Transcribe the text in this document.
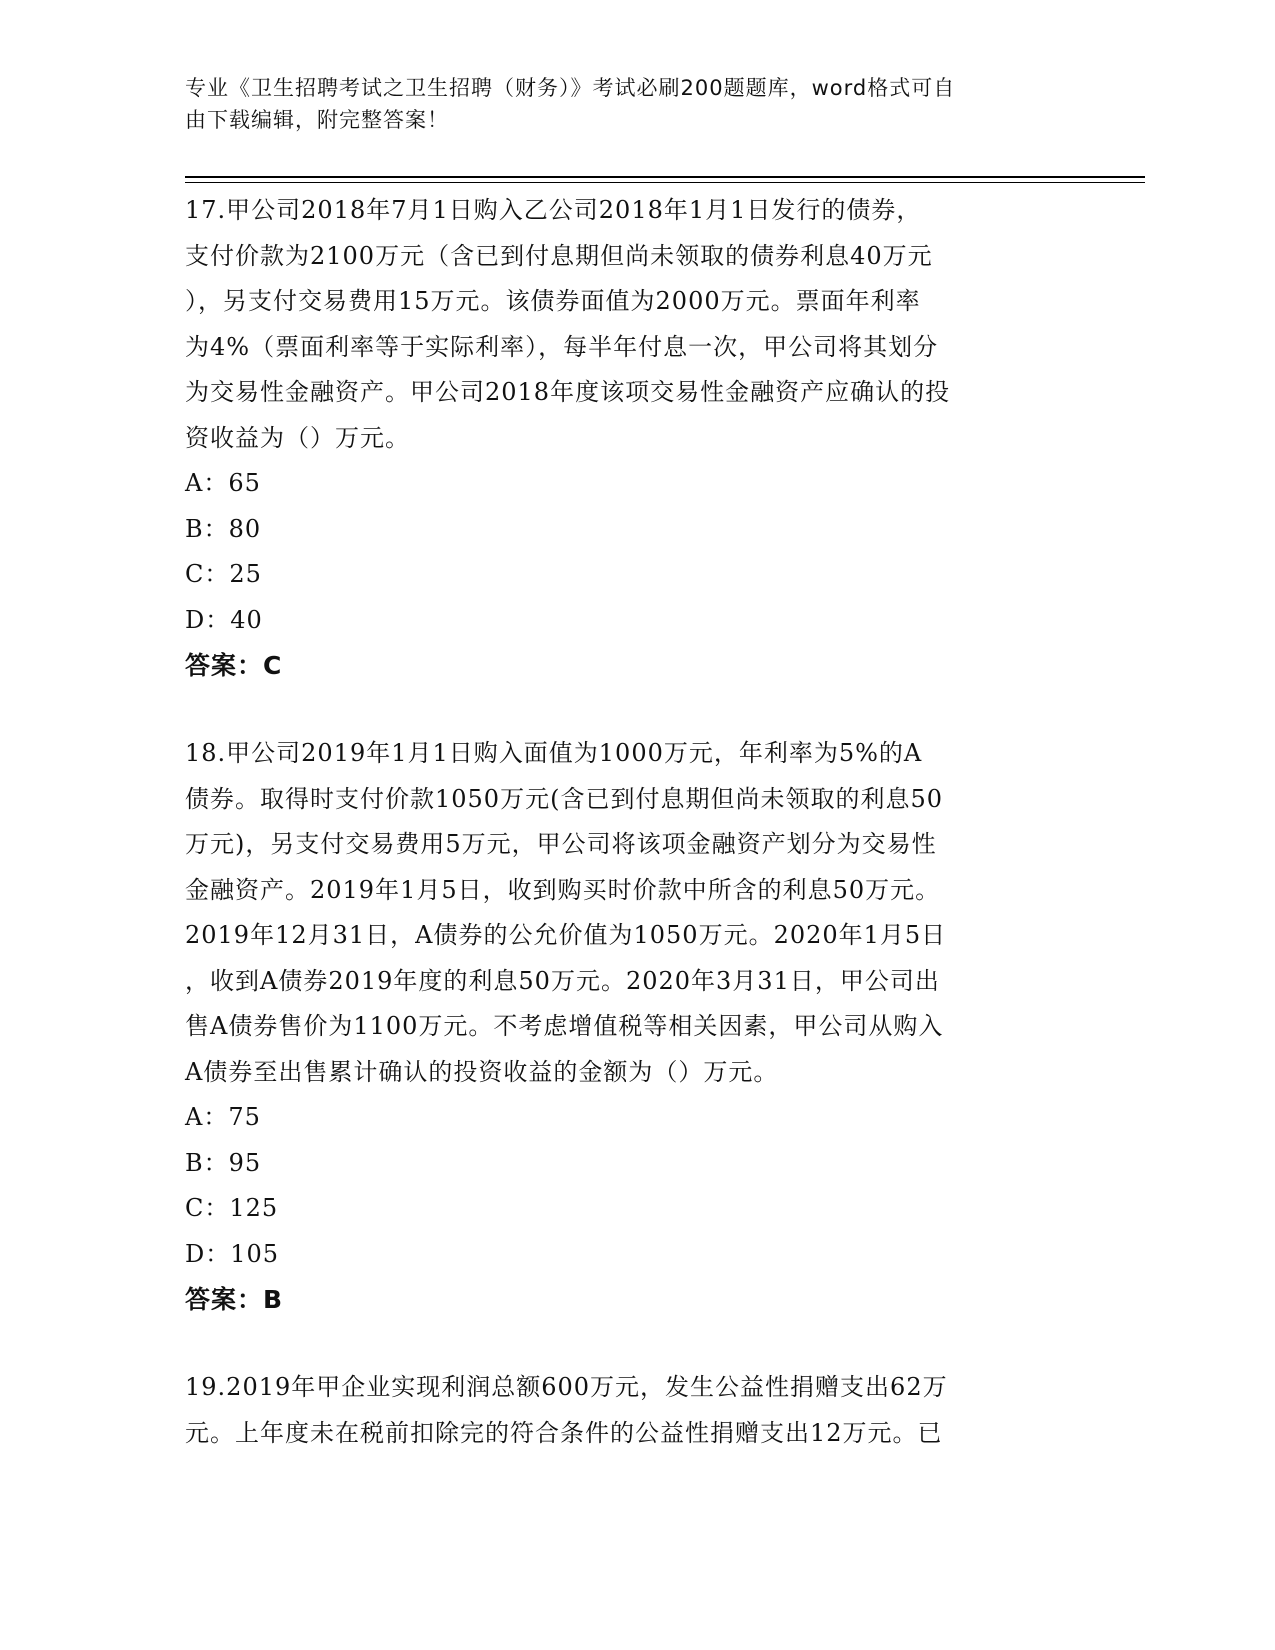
专业《卫生招聘考试之卫生招聘（财务）》考试必刷200题题库，word格式可自
由下载编辑，附完整答案！

17.甲公司2018年7月1日购入乙公司2018年1月1日发行的债券，

支付价款为2100万元（含已到付息期但尚未领取的债券利息40万元

），另支付交易费用15万元。该债券面值为2000万元。票面年利率

为4%（票面利率等于实际利率），每半年付息一次，甲公司将其划分

为交易性金融资产。甲公司2018年度该项交易性金融资产应确认的投

资收益为（）万元。

A：65
B：80
C：25
D：40
答案：C

18.甲公司2019年1月1日购入面值为1000万元，年利率为5%的A

债券。取得时支付价款1050万元(含已到付息期但尚未领取的利息50

万元)，另支付交易费用5万元，甲公司将该项金融资产划分为交易性

金融资产。2019年1月5日，收到购买时价款中所含的利息50万元。

2019年12月31日，A债券的公允价值为1050万元。2020年1月5日

，收到A债券2019年度的利息50万元。2020年3月31日，甲公司出

售A债券售价为1100万元。不考虑增值税等相关因素，甲公司从购入

A债券至出售累计确认的投资收益的金额为（）万元。

A：75
B：95
C：125
D：105
答案：B

19.2019年甲企业实现利润总额600万元，发生公益性捐赠支出62万

元。上年度未在税前扣除完的符合条件的公益性捐赠支出12万元。已
